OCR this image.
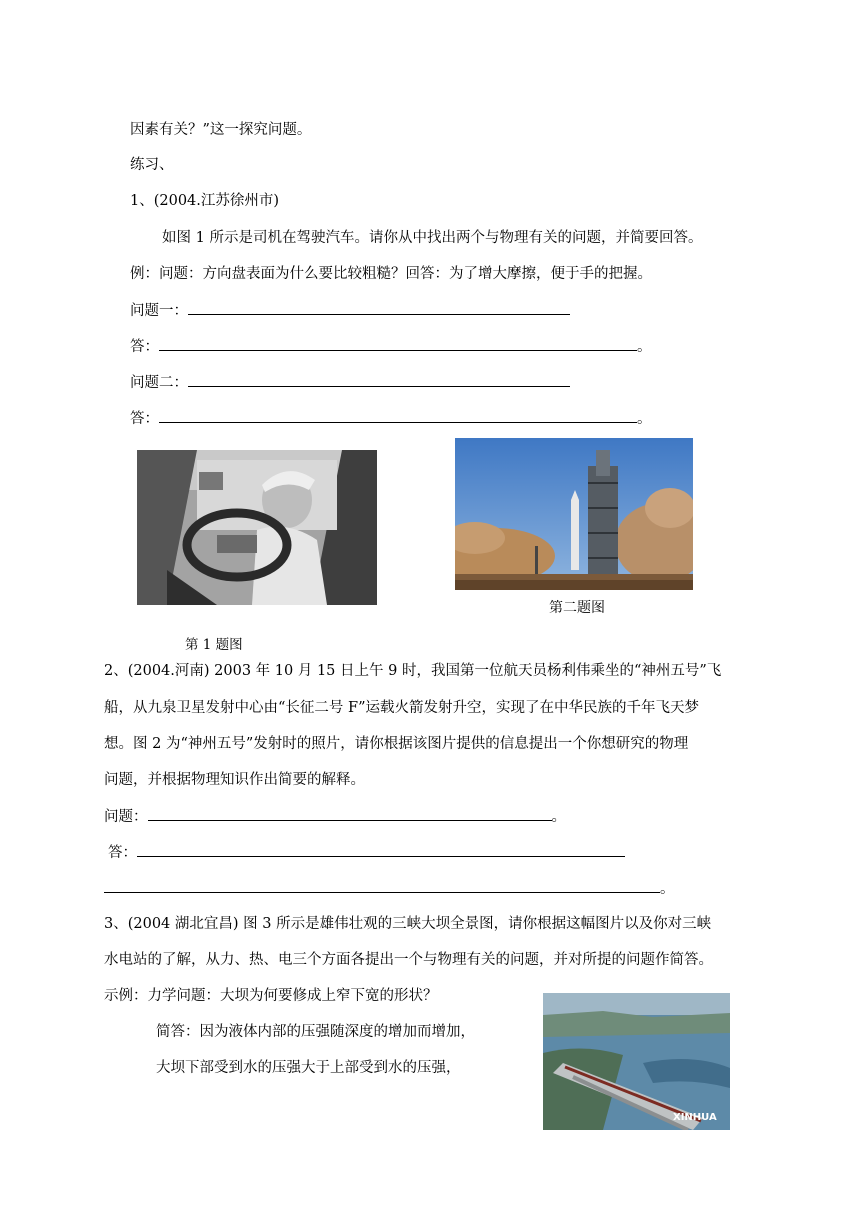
因素有关？”这一探究问题。
练习、
1、(2004.江苏徐州市)
如图 1 所示是司机在驾驶汽车。请你从中找出两个与物理有关的问题，并简要回答。
例：问题：方向盘表面为什么要比较粗糙？回答：为了增大摩擦，便于手的把握。
问题一：
答：	。
问题二：
答：	。
第二题图
第 1 题图
2、(2004.河南) 2003 年 10 月 15 日上午 9 时，我国第一位航天员杨利伟乘坐的“神州五号”飞
船，从九泉卫星发射中心由“长征二号 F”运载火箭发射升空，实现了在中华民族的千年飞天梦
想。图 2 为“神州五号”发射时的照片，请你根据该图片提供的信息提出一个你想研究的物理
问题，并根据物理知识作出简要的解释。
问题：	。
答：
。
3、(2004 湖北宜昌) 图 3 所示是雄伟壮观的三峡大坝全景图，请你根据这幅图片以及你对三峡
水电站的了解，从力、热、电三个方面各提出一个与物理有关的问题，并对所提的问题作简答。
示例：力学问题：大坝为何要修成上窄下宽的形状？
简答：因为液体内部的压强随深度的增加而增加，
大坝下部受到水的压强大于上部受到水的压强，
XINHUA
